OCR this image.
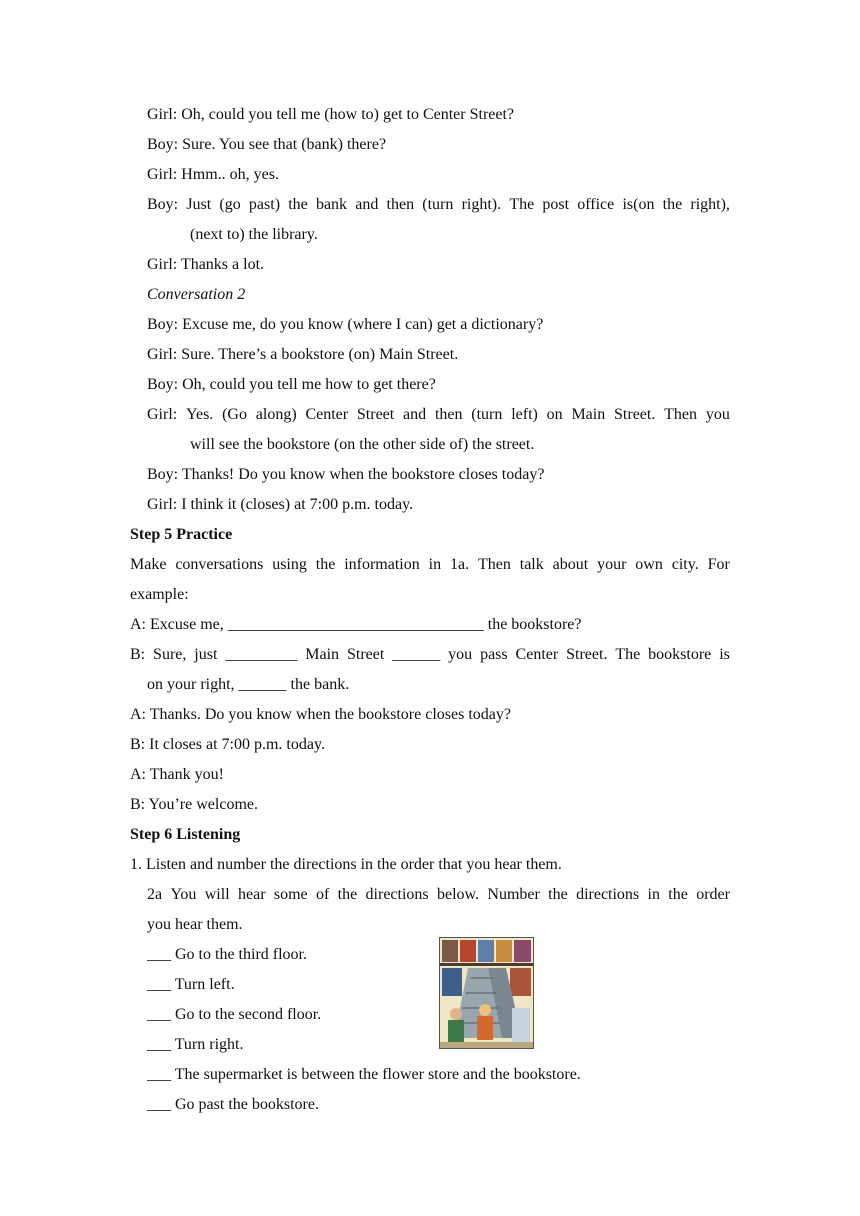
Girl: Oh, could you tell me (how to) get to Center Street?
Boy: Sure. You see that (bank) there?
Girl: Hmm.. oh, yes.
Boy: Just (go past) the bank and then (turn right). The post office is(on the right),
(next to) the library.
Girl: Thanks a lot.
Conversation 2
Boy: Excuse me, do you know (where I can) get a dictionary?
Girl: Sure. There’s a bookstore (on) Main Street.
Boy: Oh, could you tell me how to get there?
Girl: Yes. (Go along) Center Street and then (turn left) on Main Street. Then you
will see the bookstore (on the other side of) the street.
Boy: Thanks! Do you know when the bookstore closes today?
Girl: I think it (closes) at 7:00 p.m. today.
Step 5 Practice
Make conversations using the information in 1a. Then talk about your own city. For
example:
A: Excuse me, ________________________________ the bookstore?
B: Sure, just _________ Main Street ______ you pass Center Street. The bookstore is
on your right, ______ the bank.
A: Thanks. Do you know when the bookstore closes today?
B: It closes at 7:00 p.m. today.
A: Thank you!
B: You’re welcome.
Step 6 Listening
1. Listen and number the directions in the order that you hear them.
2a You will hear some of the directions below. Number the directions in the order
you hear them.
___ Go to the third floor.
___ Turn left.
___ Go to the second floor.
___ Turn right.
___ The supermarket is between the flower store and the bookstore.
___ Go past the bookstore.
